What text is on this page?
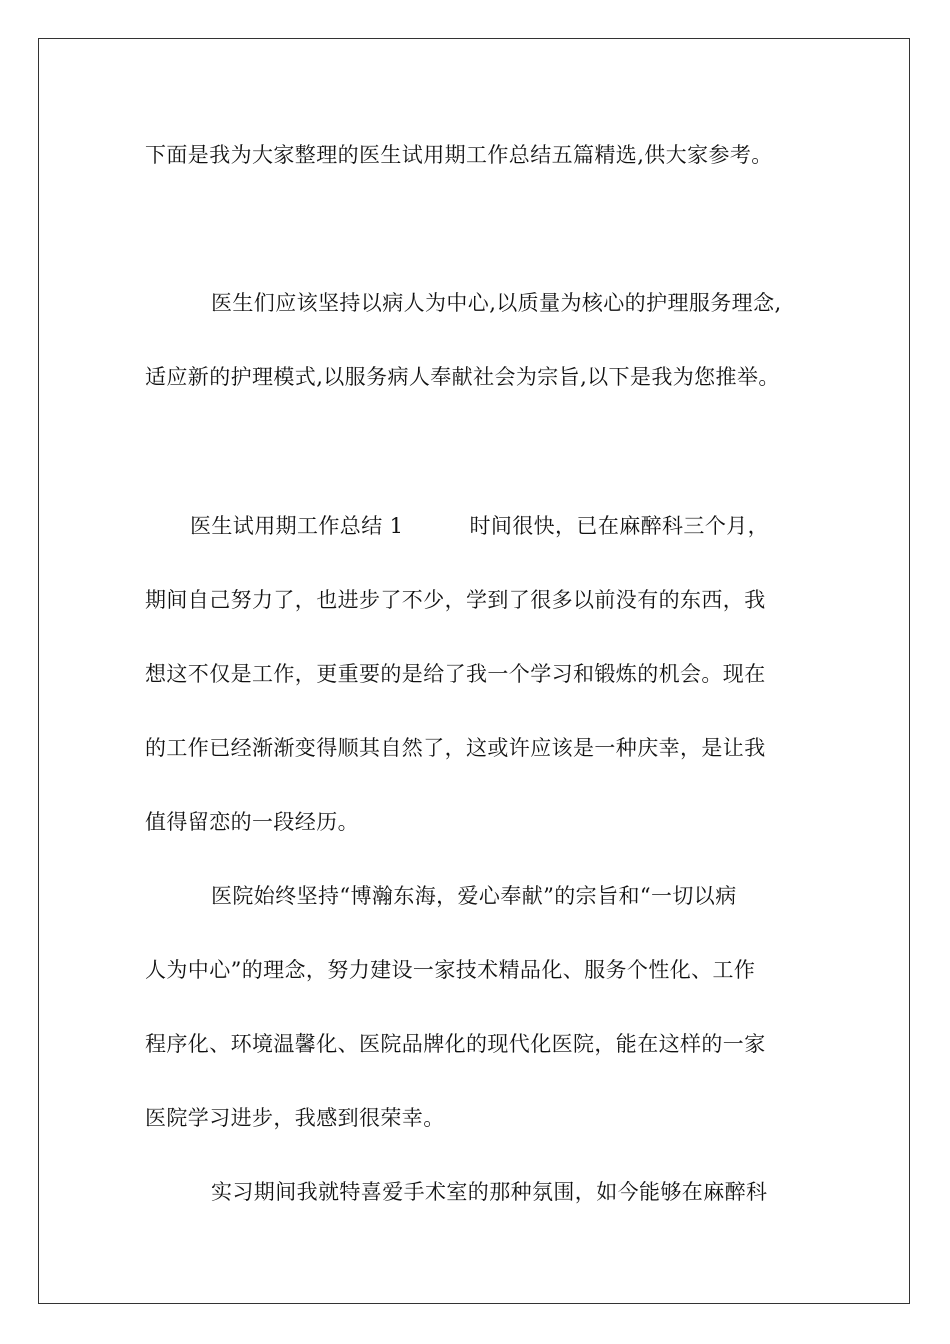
下面是我为大家整理的医生试用期工作总结五篇精选,供大家参考。
医生们应该坚持以病人为中心,以质量为核心的护理服务理念,
适应新的护理模式,以服务病人奉献社会为宗旨,以下是我为您推举。
医生试用期工作总结 1	时间很快，已在麻醉科三个月，
期间自己努力了，也进步了不少，学到了很多以前没有的东西，我
想这不仅是工作，更重要的是给了我一个学习和锻炼的机会。现在
的工作已经渐渐变得顺其自然了，这或许应该是一种庆幸，是让我
值得留恋的一段经历。
医院始终坚持“博瀚东海，爱心奉献”的宗旨和“一切以病
人为中心”的理念，努力建设一家技术精品化、服务个性化、工作
程序化、环境温馨化、医院品牌化的现代化医院，能在这样的一家
医院学习进步，我感到很荣幸。
实习期间我就特喜爱手术室的那种氛围，如今能够在麻醉科
